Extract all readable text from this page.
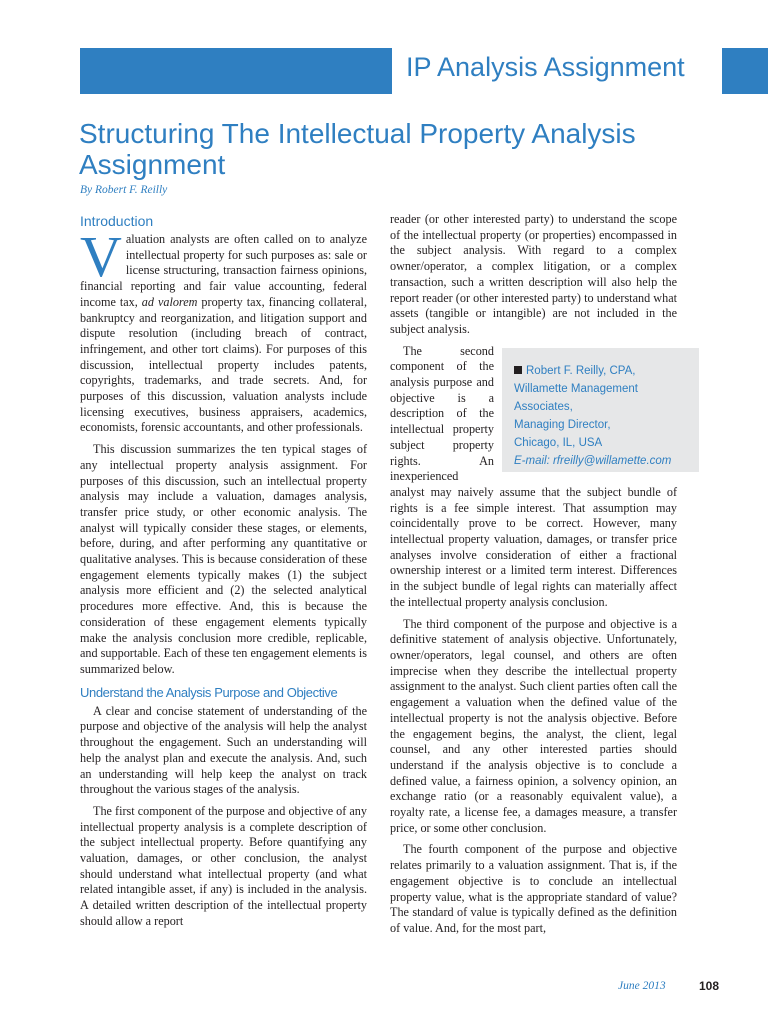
IP Analysis Assignment
Structuring The Intellectual Property Analysis Assignment
By Robert F. Reilly
Introduction

Valuation analysts are often called on to analyze intellectual property for such purposes as: sale or license structuring, transaction fairness opinions, financial reporting and fair value accounting, federal income tax, ad valorem property tax, financing collateral, bankruptcy and reorganization, and litigation support and dispute resolution (including breach of contract, infringement, and other tort claims). For purposes of this discussion, intellectual property includes patents, copyrights, trademarks, and trade secrets. And, for purposes of this discussion, valuation analysts include licensing executives, business appraisers, academics, economists, forensic accountants, and other professionals.

This discussion summarizes the ten typical stages of any intellectual property analysis assignment. For purposes of this discussion, such an intellectual property analysis may include a valuation, damages analysis, transfer price study, or other economic analysis. The analyst will typically consider these stages, or elements, before, during, and after performing any quantitative or qualitative analyses. This is because consideration of these engagement elements typically makes (1) the subject analysis more efficient and (2) the selected analytical procedures more effective. And, this is because the consideration of these engagement elements typically make the analysis conclusion more credible, replicable, and supportable. Each of these ten engagement elements is summarized below.

Understand the Analysis Purpose and Objective

A clear and concise statement of understanding of the purpose and objective of the analysis will help the analyst throughout the engagement. Such an understanding will help the analyst plan and execute the analysis. And, such an understanding will help keep the analyst on track throughout the various stages of the analysis.

The first component of the purpose and objective of any intellectual property analysis is a complete description of the subject intellectual property. Before quantifying any valuation, damages, or other conclusion, the analyst should understand what intellectual property (and what related intangible asset, if any) is included in the analysis. A detailed written description of the intellectual property should allow a report

reader (or other interested party) to understand the scope of the intellectual property (or properties) encompassed in the subject analysis. With regard to a complex owner/operator, a complex litigation, or a complex transaction, such a written description will also help the report reader (or other interested party) to understand what assets (tangible or intangible) are not included in the subject analysis.

Robert F. Reilly, CPA,
Willamette Management
Associates,
Managing Director,
Chicago, IL, USA
E-mail: rfreilly@willamette.com

The second component of the analysis purpose and objective is a description of the intellectual property subject property rights. An inexperienced analyst may naively assume that the subject bundle of rights is a fee simple interest. That assumption may coincidentally prove to be correct. However, many intellectual property valuation, damages, or transfer price analyses involve consideration of either a fractional ownership interest or a limited term interest. Differences in the subject bundle of legal rights can materially affect the intellectual property analysis conclusion.

The third component of the purpose and objective is a definitive statement of analysis objective. Unfortunately, owner/operators, legal counsel, and others are often imprecise when they describe the intellectual property assignment to the analyst. Such client parties often call the engagement a valuation when the defined value of the intellectual property is not the analysis objective. Before the engagement begins, the analyst, the client, legal counsel, and any other interested parties should understand if the analysis objective is to conclude a defined value, a fairness opinion, a solvency opinion, an exchange ratio (or a reasonably equivalent value), a royalty rate, a license fee, a damages measure, a transfer price, or some other conclusion.

The fourth component of the purpose and objective relates primarily to a valuation assignment. That is, if the engagement objective is to conclude an intellectual property value, what is the appropriate standard of value? The standard of value is typically defined as the definition of value. And, for the most part,

June 2013	108
